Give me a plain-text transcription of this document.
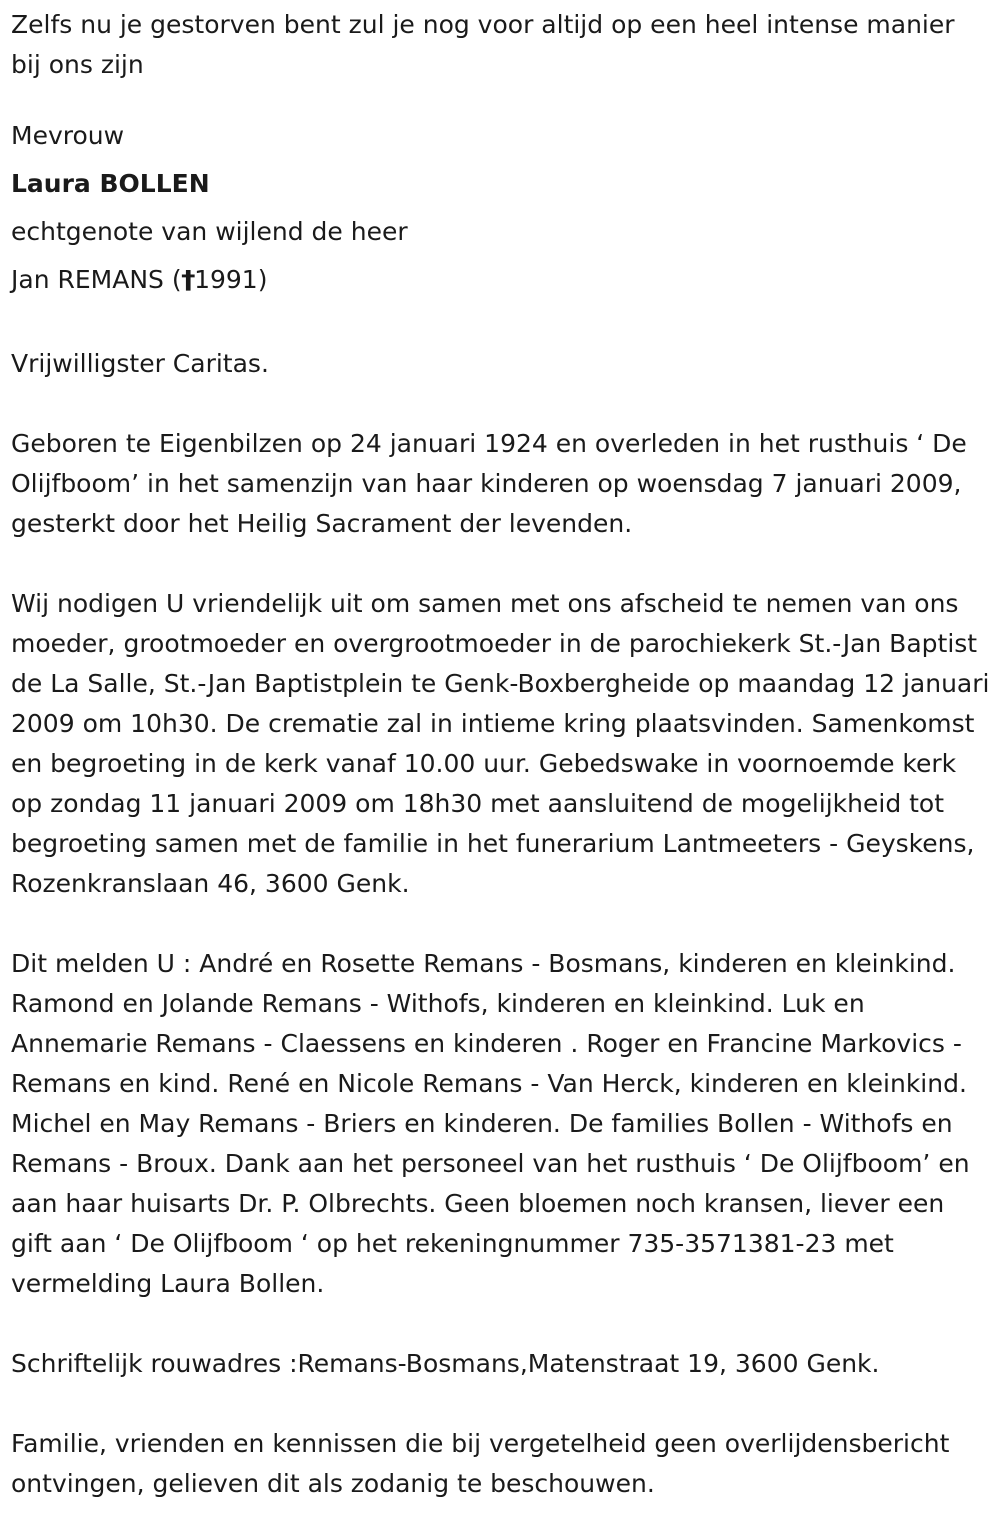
Zelfs nu je gestorven bent zul je nog voor altijd op een heel intense manier bij ons zijn

Mevrouw

Laura BOLLEN

echtgenote van wijlend de heer

Jan REMANS (†1991)

Vrijwilligster Caritas.

Geboren te Eigenbilzen op 24 januari 1924 en overleden in het rusthuis ‘ De Olijfboom’ in het samenzijn van haar kinderen op woensdag 7 januari 2009, gesterkt door het Heilig Sacrament der levenden.

Wij nodigen U vriendelijk uit om samen met ons afscheid te nemen van ons moeder, grootmoeder en overgrootmoeder in de parochiekerk St.-Jan Baptist de La Salle, St.-Jan Baptistplein te Genk-Boxbergheide op maandag 12 januari 2009 om 10h30. De crematie zal in intieme kring plaatsvinden. Samenkomst en begroeting in de kerk vanaf 10.00 uur. Gebedswake in voornoemde kerk op zondag 11 januari 2009 om 18h30 met aansluitend de mogelijkheid tot begroeting samen met de familie in het funerarium Lantmeeters - Geyskens, Rozenkranslaan 46, 3600 Genk.

Dit melden U : André en Rosette Remans - Bosmans, kinderen en kleinkind. Ramond en Jolande Remans - Withofs, kinderen en kleinkind. Luk en Annemarie Remans - Claessens en kinderen . Roger en Francine Markovics - Remans en kind. René en Nicole Remans - Van Herck, kinderen en kleinkind. Michel en May Remans - Briers en kinderen. De families Bollen - Withofs en Remans - Broux. Dank aan het personeel van het rusthuis ‘ De Olijfboom’ en aan haar huisarts Dr. P. Olbrechts. Geen bloemen noch kransen, liever een gift aan ‘ De Olijfboom ‘ op het rekeningnummer 735-3571381-23 met vermelding Laura Bollen.

Schriftelijk rouwadres :Remans-Bosmans,Matenstraat 19, 3600 Genk.

Familie, vrienden en kennissen die bij vergetelheid geen overlijdensbericht ontvingen, gelieven dit als zodanig te beschouwen.
